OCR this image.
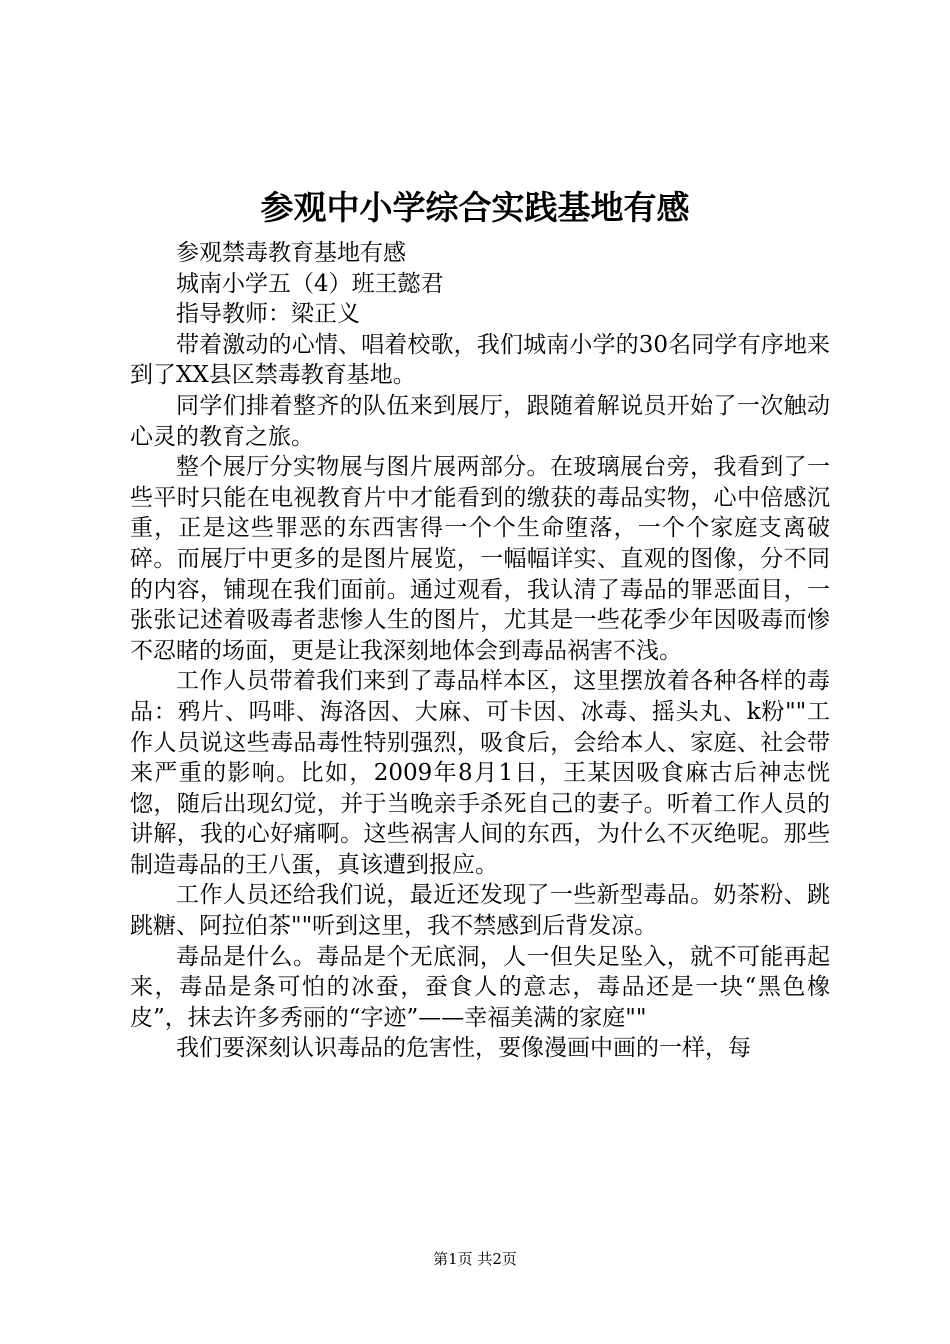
参观中小学综合实践基地有感

参观禁毒教育基地有感

城南小学五（4）班王懿君

指导教师：梁正义

带着激动的心情、唱着校歌，我们城南小学的30名同学有序地来到了XX县区禁毒教育基地。

同学们排着整齐的队伍来到展厅，跟随着解说员开始了一次触动心灵的教育之旅。

整个展厅分实物展与图片展两部分。在玻璃展台旁，我看到了一些平时只能在电视教育片中才能看到的缴获的毒品实物，心中倍感沉重，正是这些罪恶的东西害得一个个生命堕落，一个个家庭支离破碎。而展厅中更多的是图片展览，一幅幅详实、直观的图像，分不同的内容，铺现在我们面前。通过观看，我认清了毒品的罪恶面目，一张张记述着吸毒者悲惨人生的图片，尤其是一些花季少年因吸毒而惨不忍睹的场面，更是让我深刻地体会到毒品祸害不浅。

工作人员带着我们来到了毒品样本区，这里摆放着各种各样的毒品：鸦片、吗啡、海洛因、大麻、可卡因、冰毒、摇头丸、k粉""工作人员说这些毒品毒性特别强烈，吸食后，会给本人、家庭、社会带来严重的影响。比如，2009年8月1日，王某因吸食麻古后神志恍惚，随后出现幻觉，并于当晚亲手杀死自己的妻子。听着工作人员的讲解，我的心好痛啊。这些祸害人间的东西，为什么不灭绝呢。那些制造毒品的王八蛋，真该遭到报应。

工作人员还给我们说，最近还发现了一些新型毒品。奶茶粉、跳跳糖、阿拉伯茶""听到这里，我不禁感到后背发凉。

毒品是什么。毒品是个无底洞，人一但失足坠入，就不可能再起来，毒品是条可怕的冰蚕，蚕食人的意志，毒品还是一块“黑色橡皮”，抹去许多秀丽的“字迹”——幸福美满的家庭""

我们要深刻认识毒品的危害性，要像漫画中画的一样，每

第1页 共2页
